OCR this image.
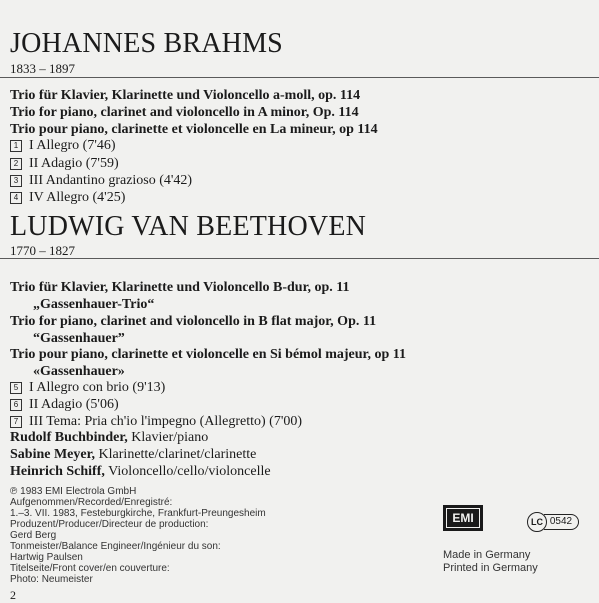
JOHANNES BRAHMS
1833 – 1897
Trio für Klavier, Klarinette und Violoncello a-moll, op. 114
Trio for piano, clarinet and violoncello in A minor, Op. 114
Trio pour piano, clarinette et violoncelle en La mineur, op 114
1 I Allegro (7'46)
2 II Adagio (7'59)
3 III Andantino grazioso (4'42)
4 IV Allegro (4'25)
LUDWIG VAN BEETHOVEN
1770 – 1827
Trio für Klavier, Klarinette und Violoncello B-dur, op. 11
„Gassenhauer-Trio“
Trio for piano, clarinet and violoncello in B flat major, Op. 11
“Gassenhauer”
Trio pour piano, clarinette et violoncelle en Si bémol majeur, op 11
«Gassenhauer»
5 I Allegro con brio (9'13)
6 II Adagio (5'06)
7 III Tema: Pria ch'io l'impegno (Allegretto) (7'00)
Rudolf Buchbinder, Klavier/piano
Sabine Meyer, Klarinette/clarinet/clarinette
Heinrich Schiff, Violoncello/cello/violoncelle
℗ 1983 EMI Electrola GmbH
Aufgenommen/Recorded/Enregistré:
1.–3. VII. 1983, Festeburgkirche, Frankfurt-Preungesheim
Produzent/Producer/Directeur de production:
Gerd Berg
Tonmeister/Balance Engineer/Ingénieur du son:
Hartwig Paulsen
Titelseite/Front cover/en couverture:
Photo: Neumeister
EMI	LC 0542
Made in Germany
Printed in Germany
2
